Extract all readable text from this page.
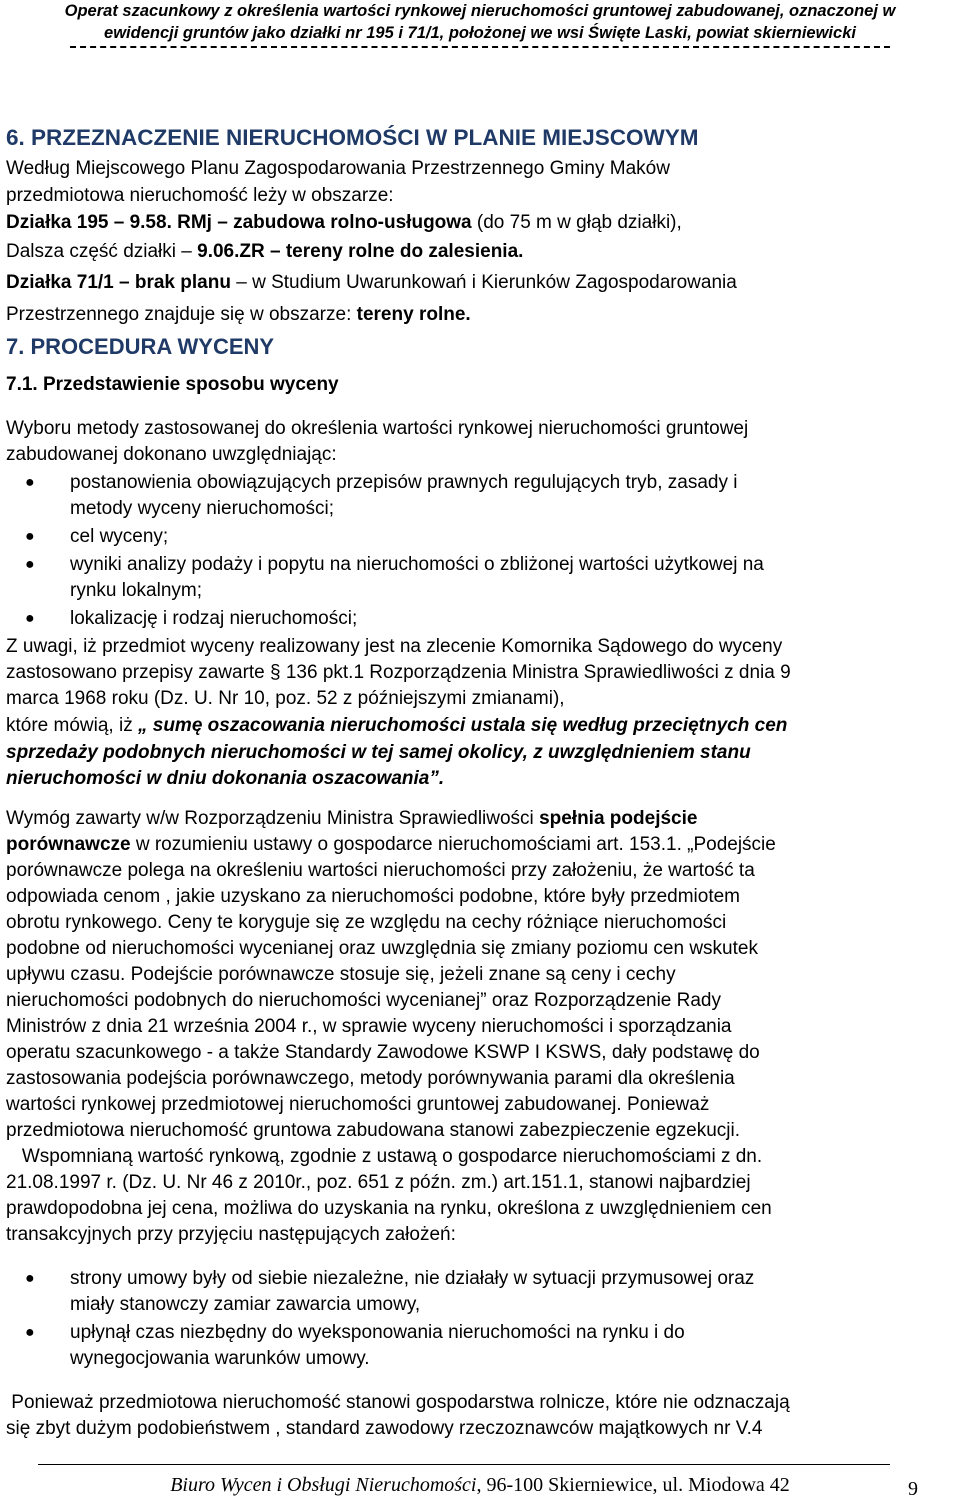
Operat szacunkowy z określenia wartości rynkowej nieruchomości gruntowej zabudowanej, oznaczonej w
ewidencji gruntów jako działki nr 195 i 71/1, położonej we wsi Święte Laski, powiat skierniewicki
6. PRZEZNACZENIE NIERUCHOMOŚCI W PLANIE MIEJSCOWYM
Według Miejscowego Planu Zagospodarowania Przestrzennego Gminy Maków
przedmiotowa nieruchomość leży w obszarze:
Działka 195 – 9.58. RMj – zabudowa rolno-usługowa (do 75 m w głąb działki),
Dalsza część działki – 9.06.ZR – tereny rolne do zalesienia.
Działka 71/1 – brak planu – w Studium Uwarunkowań i Kierunków Zagospodarowania
Przestrzennego znajduje się w obszarze: tereny rolne.
7. PROCEDURA WYCENY
7.1. Przedstawienie sposobu wyceny
Wyboru metody zastosowanej do określenia wartości rynkowej nieruchomości gruntowej
zabudowanej dokonano uwzględniając:
● postanowienia obowiązujących przepisów prawnych regulujących tryb, zasady i
metody wyceny nieruchomości;
● cel wyceny;
● wyniki analizy podaży i popytu na nieruchomości o zbliżonej wartości użytkowej na
rynku lokalnym;
● lokalizację i rodzaj nieruchomości;
Z uwagi, iż przedmiot wyceny realizowany jest na zlecenie Komornika Sądowego do wyceny
zastosowano przepisy zawarte § 136 pkt.1 Rozporządzenia Ministra Sprawiedliwości z dnia 9
marca 1968 roku (Dz. U. Nr 10, poz. 52 z późniejszymi zmianami),
które mówią, iż „ sumę oszacowania nieruchomości ustala się według przeciętnych cen
sprzedaży podobnych nieruchomości w tej samej okolicy, z uwzględnieniem stanu
nieruchomości w dniu dokonania oszacowania”.
Wymóg zawarty w/w Rozporządzeniu Ministra Sprawiedliwości spełnia podejście
porównawcze w rozumieniu ustawy o gospodarce nieruchomościami art. 153.1. „Podejście
porównawcze polega na określeniu wartości nieruchomości przy założeniu, że wartość ta
odpowiada cenom , jakie uzyskano za nieruchomości podobne, które były przedmiotem
obrotu rynkowego. Ceny te koryguje się ze względu na cechy różniące nieruchomości
podobne od nieruchomości wycenianej oraz uwzględnia się zmiany poziomu cen wskutek
upływu czasu. Podejście porównawcze stosuje się, jeżeli znane są ceny i cechy
nieruchomości podobnych do nieruchomości wycenianej” oraz Rozporządzenie Rady
Ministrów z dnia 21 września 2004 r., w sprawie wyceny nieruchomości i sporządzania
operatu szacunkowego - a także Standardy Zawodowe KSWP I KSWS, dały podstawę do
zastosowania podejścia porównawczego, metody porównywania parami dla określenia
wartości rynkowej przedmiotowej nieruchomości gruntowej zabudowanej. Ponieważ
przedmiotowa nieruchomość gruntowa zabudowana stanowi zabezpieczenie egzekucji.
Wspomnianą wartość rynkową, zgodnie z ustawą o gospodarce nieruchomościami z dn.
21.08.1997 r. (Dz. U. Nr 46 z 2010r., poz. 651 z późn. zm.) art.151.1, stanowi najbardziej
prawdopodobna jej cena, możliwa do uzyskania na rynku, określona z uwzględnieniem cen
transakcyjnych przy przyjęciu następujących założeń:
● strony umowy były od siebie niezależne, nie działały w sytuacji przymusowej oraz
miały stanowczy zamiar zawarcia umowy,
● upłynął czas niezbędny do wyeksponowania nieruchomości na rynku i do
wynegocjowania warunków umowy.
Ponieważ przedmiotowa nieruchomość stanowi gospodarstwa rolnicze, które nie odznaczają
się zbyt dużym podobieństwem , standard zawodowy rzeczoznawców majątkowych nr V.4
Biuro Wycen i Obsługi Nieruchomości, 96-100 Skierniewice, ul. Miodowa 42	9
